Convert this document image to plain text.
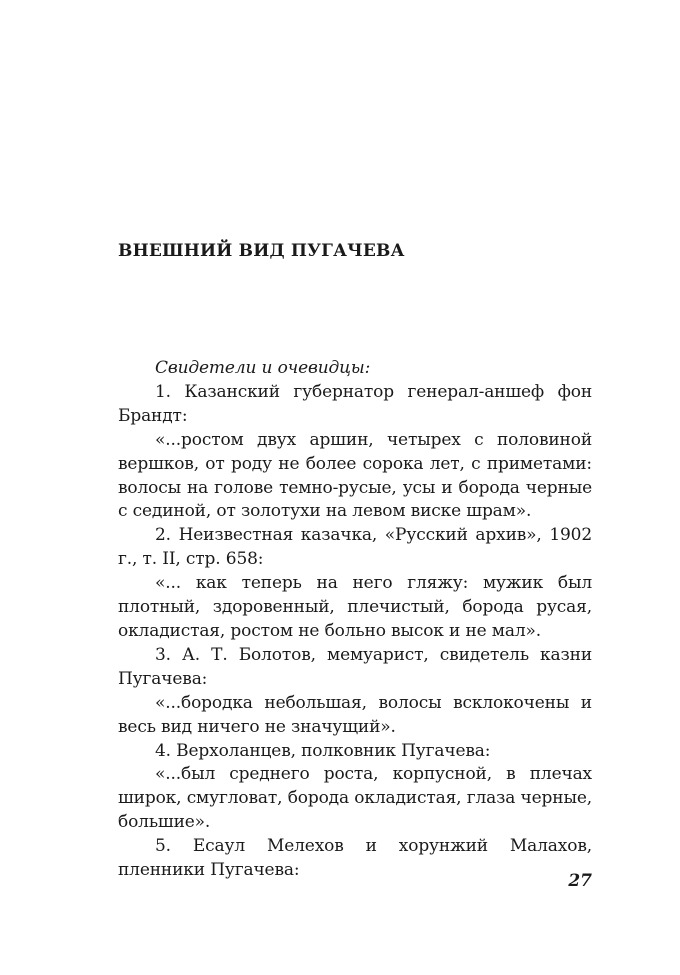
ВНЕШНИЙ ВИД ПУГАЧЕВА

Свидетели и очевидцы:

1. Казанский губернатор генерал-аншеф фон Брандт:

«...ростом двух аршин, четырех с половиной вершков, от роду не более сорока лет, с приметами: волосы на голове темно-русые, усы и борода черные с сединой, от золотухи на левом виске шрам».

2. Неизвестная казачка, «Русский архив», 1902 г., т. II, стр. 658:

«... как теперь на него гляжу: мужик был плотный, здоровенный, плечистый, борода русая, окладистая, ростом не больно высок и не мал».

3. А. Т. Болотов, мемуарист, свидетель казни Пугачева:

«...бородка небольшая, волосы всклокочены и весь вид ничего не значущий».

4. Верхоланцев, полковник Пугачева:

«...был среднего роста, корпусной, в плечах широк, смугловат, борода окладистая, глаза черные, большие».

5. Есаул Мелехов и хорунжий Малахов, пленники Пугачева:

27
